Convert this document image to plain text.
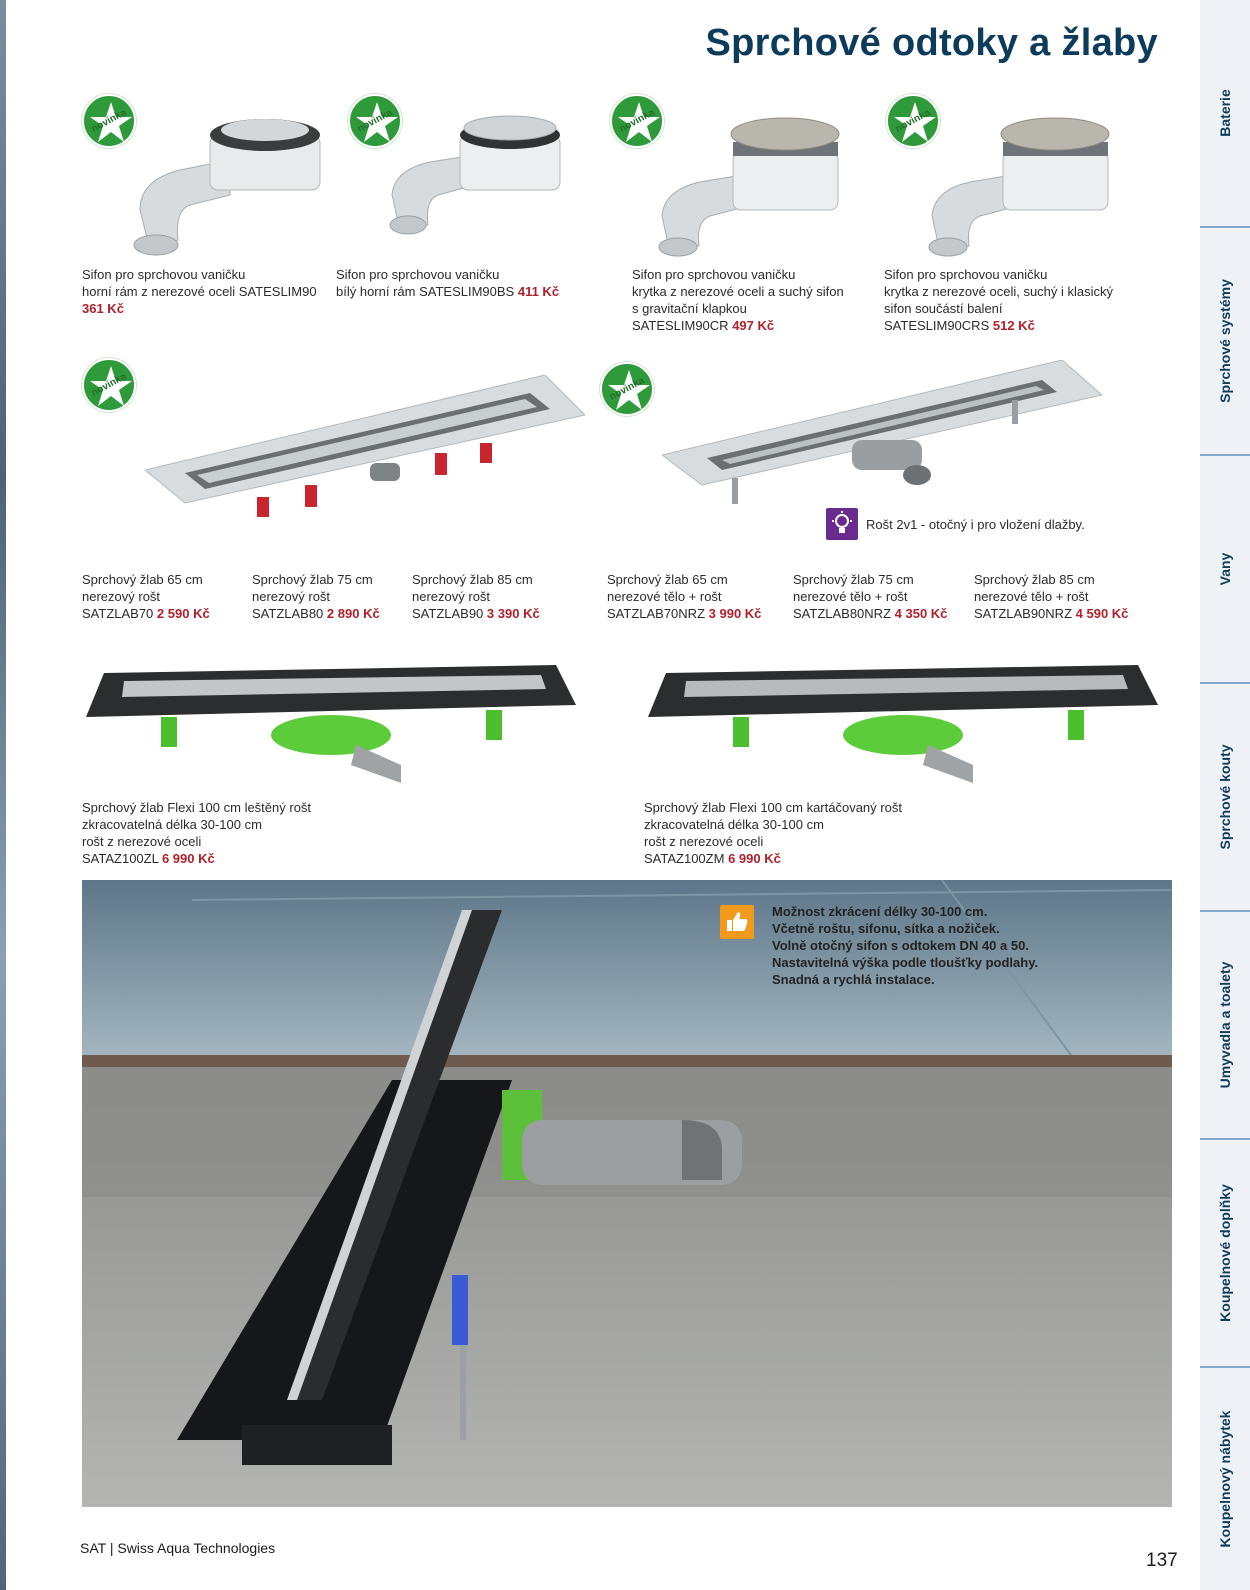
Sprchové odtoky a žlaby
Baterie
Sprchové systémy
Vany
Sprchové kouty
Umyvadla a toalety
Koupelnové doplňky
Koupelnový nábytek
novinka	novinka	novinka	novinka
novinka	novinka
Sifon pro sprchovou vaničku
horní rám z nerezové oceli SATESLIM90
361 Kč
Sifon pro sprchovou vaničku
bílý horní rám SATESLIM90BS 411 Kč
Sifon pro sprchovou vaničku
krytka z nerezové oceli a suchý sifon
s gravitační klapkou
SATESLIM90CR 497 Kč
Sifon pro sprchovou vaničku
krytka z nerezové oceli, suchý i klasický
sifon součástí balení
SATESLIM90CRS 512 Kč
Rošt 2v1 - otočný i pro vložení dlažby.
Sprchový žlab 65 cm
nerezový rošt
SATZLAB70 2 590 Kč
Sprchový žlab 75 cm
nerezový rošt
SATZLAB80 2 890 Kč
Sprchový žlab 85 cm
nerezový rošt
SATZLAB90 3 390 Kč
Sprchový žlab 65 cm
nerezové tělo + rošt
SATZLAB70NRZ 3 990 Kč
Sprchový žlab 75 cm
nerezové tělo + rošt
SATZLAB80NRZ 4 350 Kč
Sprchový žlab 85 cm
nerezové tělo + rošt
SATZLAB90NRZ 4 590 Kč
Sprchový žlab Flexi 100 cm leštěný rošt
zkracovatelná délka 30-100 cm
rošt z nerezové oceli
SATAZ100ZL 6 990 Kč
Sprchový žlab Flexi 100 cm kartáčovaný rošt
zkracovatelná délka 30-100 cm
rošt z nerezové oceli
SATAZ100ZM 6 990 Kč
Možnost zkrácení délky 30-100 cm.
Včetně roštu, sifonu, sítka a nožiček.
Volně otočný sifon s odtokem DN 40 a 50.
Nastavitelná výška podle tloušťky podlahy.
Snadná a rychlá instalace.
SAT | Swiss Aqua Technologies
137
